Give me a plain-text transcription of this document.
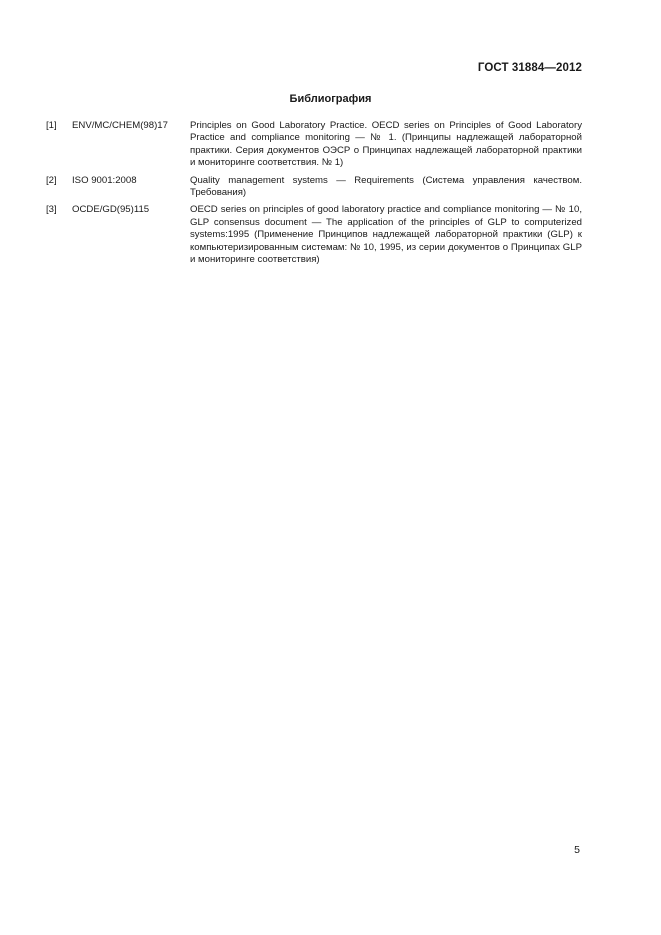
ГОСТ 31884—2012
Библиография
[1]	ENV/MC/CHEM(98)17	Principles on Good Laboratory Practice. OECD series on Principles of Good Laboratory Practice and compliance monitoring — № 1. (Принципы надлежащей лабораторной практики. Серия документов ОЭСР о Принципах надлежащей лабораторной практики и мониторинге соответствия. № 1)
[2]	ISO 9001:2008	Quality management systems — Requirements (Система управления качеством. Требования)
[3]	OCDE/GD(95)115	OECD series on principles of good laboratory practice and compliance monitoring — № 10, GLP consensus document — The application of the principles of GLP to computerized systems:1995 (Применение Принципов надлежащей лабораторной практики (GLP) к компьютеризированным системам: № 10, 1995, из серии документов о Принципах GLP и мониторинге соответствия)
5
